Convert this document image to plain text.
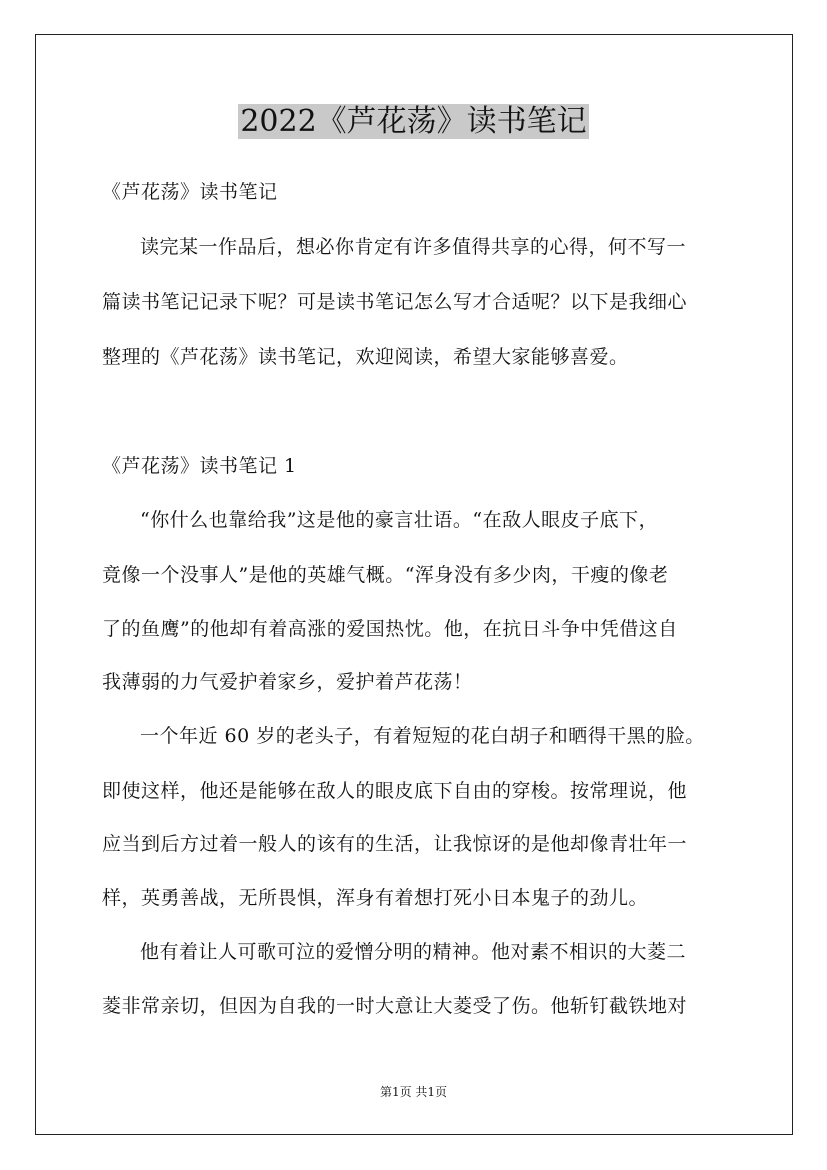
2022《芦花荡》读书笔记
《芦花荡》读书笔记
读完某一作品后，想必你肯定有许多值得共享的心得，何不写一
篇读书笔记记录下呢？可是读书笔记怎么写才合适呢？以下是我细心
整理的《芦花荡》读书笔记，欢迎阅读，希望大家能够喜爱。
《芦花荡》读书笔记 1
“你什么也靠给我”这是他的豪言壮语。“在敌人眼皮子底下，
竟像一个没事人”是他的英雄气概。“浑身没有多少肉，干瘦的像老
了的鱼鹰”的他却有着高涨的爱国热忱。他，在抗日斗争中凭借这自
我薄弱的力气爱护着家乡，爱护着芦花荡！
一个年近 60 岁的老头子，有着短短的花白胡子和晒得干黑的脸。
即使这样，他还是能够在敌人的眼皮底下自由的穿梭。按常理说，他
应当到后方过着一般人的该有的生活，让我惊讶的是他却像青壮年一
样，英勇善战，无所畏惧，浑身有着想打死小日本鬼子的劲儿。
他有着让人可歌可泣的爱憎分明的精神。他对素不相识的大菱二
菱非常亲切，但因为自我的一时大意让大菱受了伤。他斩钉截铁地对
第1页 共1页
